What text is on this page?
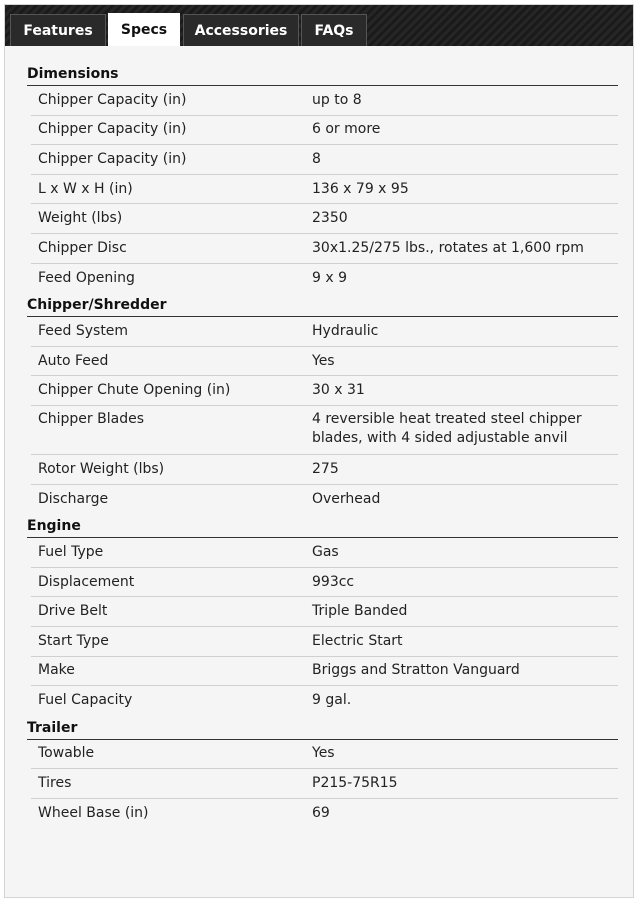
Features	Specs	Accessories	FAQs
Dimensions
Chipper Capacity (in)	up to 8
Chipper Capacity (in)	6 or more
Chipper Capacity (in)	8
L x W x H (in)	136 x 79 x 95
Weight (lbs)	2350
Chipper Disc	30x1.25/275 lbs., rotates at 1,600 rpm
Feed Opening	9 x 9
Chipper/Shredder
Feed System	Hydraulic
Auto Feed	Yes
Chipper Chute Opening (in)	30 x 31
Chipper Blades	4 reversible heat treated steel chipper blades, with 4 sided adjustable anvil
Rotor Weight (lbs)	275
Discharge	Overhead
Engine
Fuel Type	Gas
Displacement	993cc
Drive Belt	Triple Banded
Start Type	Electric Start
Make	Briggs and Stratton Vanguard
Fuel Capacity	9 gal.
Trailer
Towable	Yes
Tires	P215-75R15
Wheel Base (in)	69
